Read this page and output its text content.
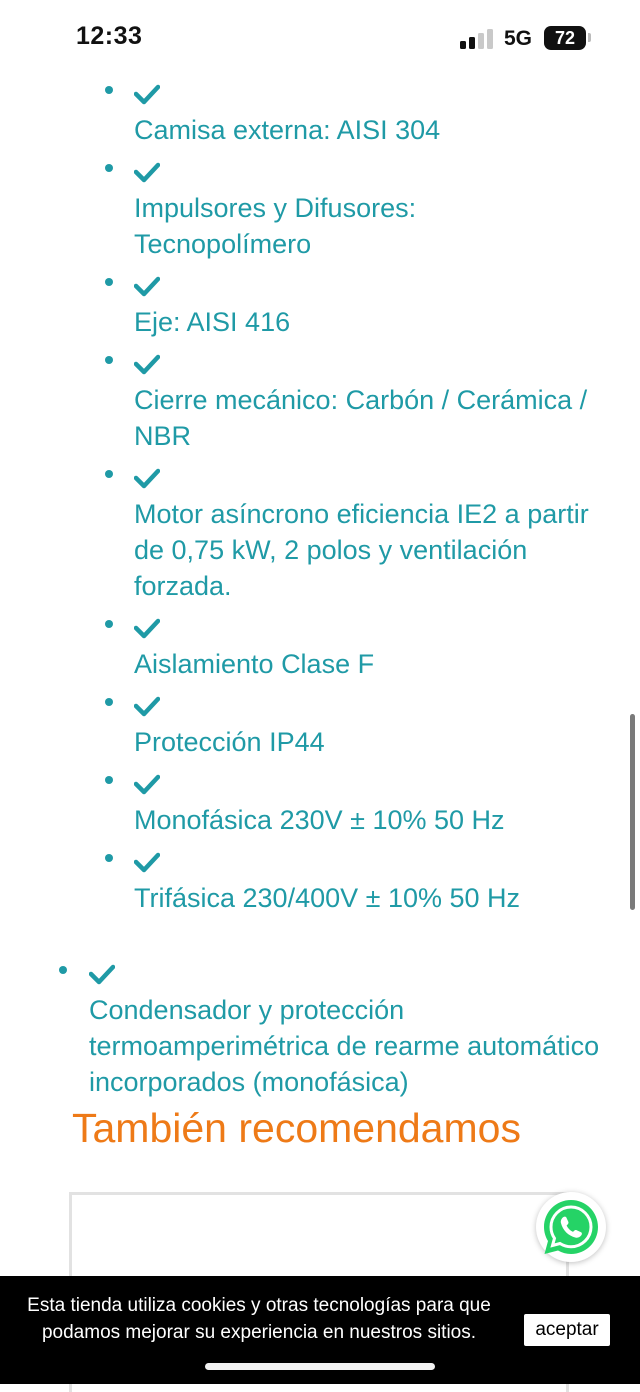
12:33	5G	72
Camisa externa: AISI 304
Impulsores y Difusores: Tecnopolímero
Eje: AISI 416
Cierre mecánico: Carbón / Cerámica / NBR
Motor asíncrono eficiencia IE2 a partir de 0,75 kW, 2 polos y ventilación forzada.
Aislamiento Clase F
Protección IP44
Monofásica 230V ± 10% 50 Hz
Trifásica 230/400V ± 10% 50 Hz
Condensador y protección termoamperimétrica de rearme automático incorporados (monofásica)
También recomendamos
Esta tienda utiliza cookies y otras tecnologías para que podamos mejorar su experiencia en nuestros sitios.	aceptar
